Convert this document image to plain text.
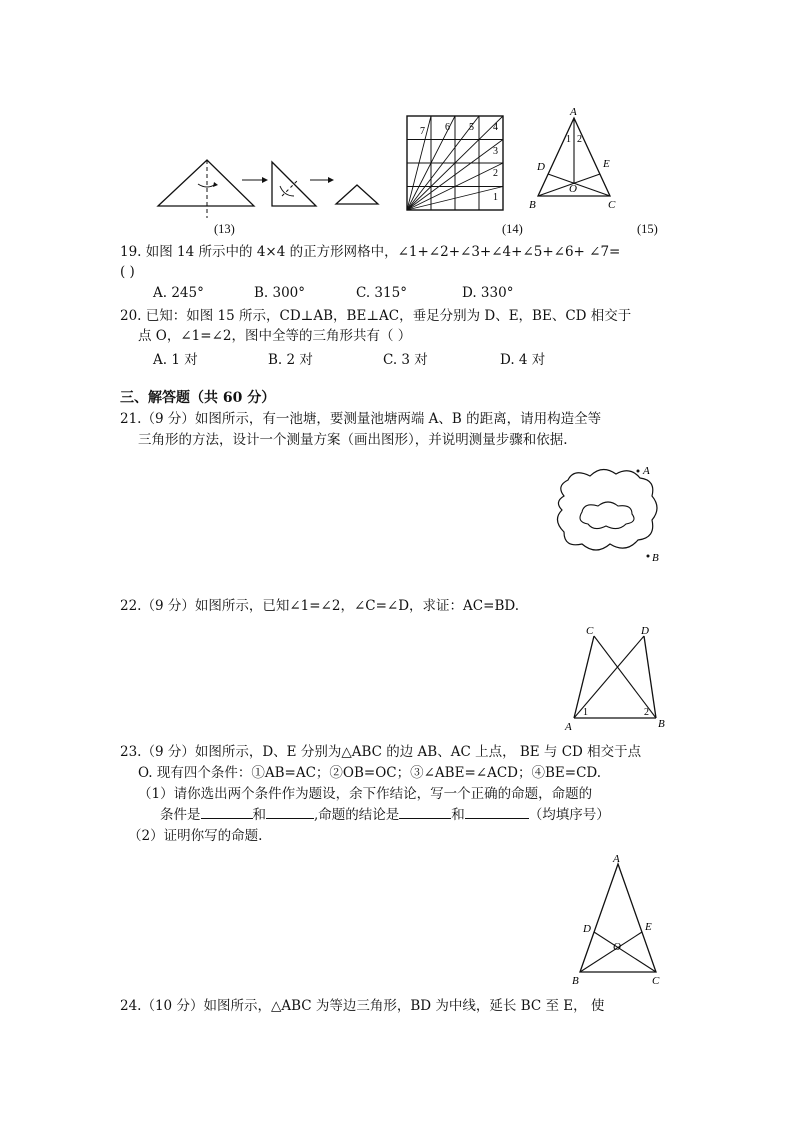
(13)
1
2
3
4
5
6
7
(14)
A
B	C
D	E
O
1 2
(15)
19. 如图 14 所示中的 4×4 的正方形网格中，∠1+∠2+∠3+∠4+∠5+∠6+ ∠7=
( )
A. 245°	B. 300°	C. 315°	D. 330°
20. 已知：如图 15 所示，CD⊥AB，BE⊥AC，垂足分别为 D、E，BE、CD 相交于
点 O，∠1=∠2，图中全等的三角形共有（ ）
A. 1 对	B. 2 对	C. 3 对	D. 4 对
三、解答题（共 60 分）
21.（9 分）如图所示，有一池塘，要测量池塘两端 A、B 的距离，请用构造全等
三角形的方法，设计一个测量方案（画出图形），并说明测量步骤和依据.
A
B
22.（9 分）如图所示，已知∠1=∠2，∠C=∠D，求证：AC=BD.
C	D
A	B
1	2
23.（9 分）如图所示，D、E 分别为△ABC 的边 AB、AC 上点， BE 与 CD 相交于点
O. 现有四个条件：①AB=AC；②OB=OC；③∠ABE=∠ACD；④BE=CD.
（1）请你选出两个条件作为题设，余下作结论，写一个正确的命题，命题的
条件是	和	,命题的结论是	和	（均填序号）
（2）证明你写的命题.
A
B	C
D	E
O
24.（10 分）如图所示，△ABC 为等边三角形，BD 为中线，延长 BC 至 E， 使
